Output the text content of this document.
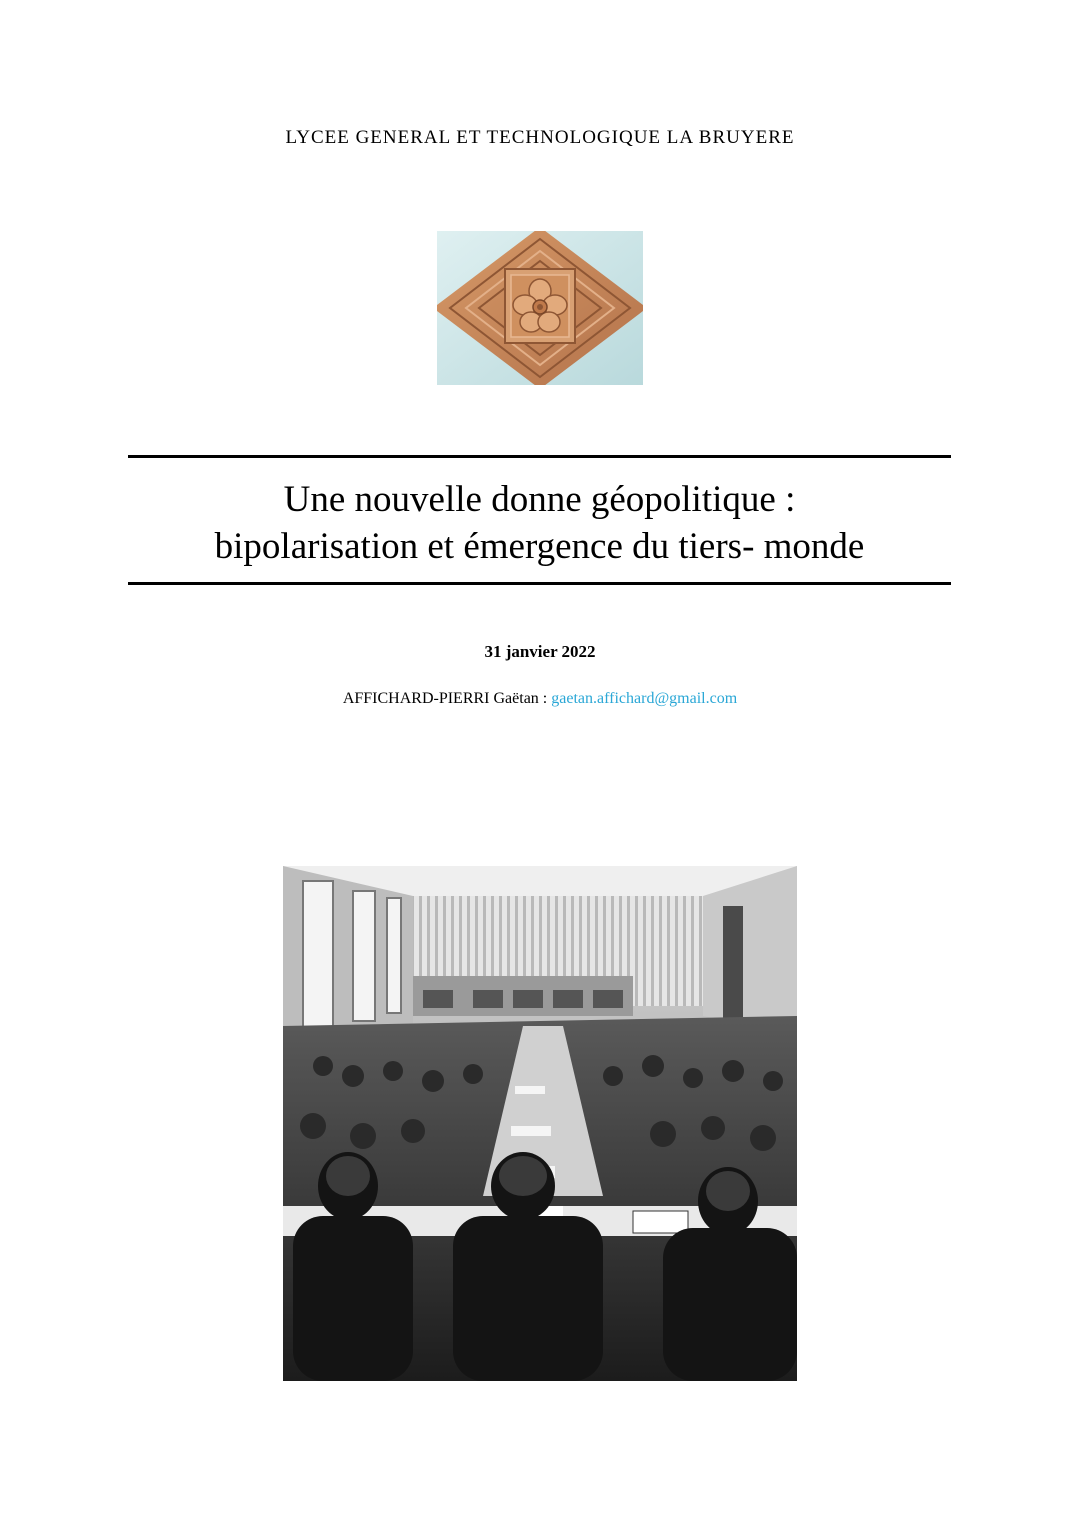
LYCEE GENERAL ET TECHNOLOGIQUE LA BRUYERE
Une nouvelle donne géopolitique :
bipolarisation et émergence du tiers- monde
31 janvier 2022
AFFICHARD-PIERRI Gaëtan : gaetan.affichard@gmail.com
